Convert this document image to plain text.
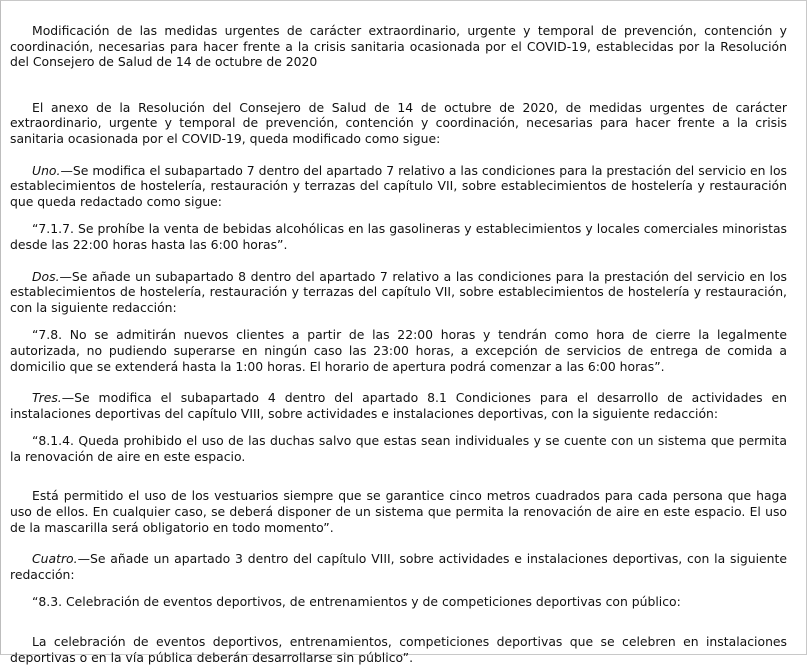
Modificación de las medidas urgentes de carácter extraordinario, urgente y temporal de prevención, contención y coordinación, necesarias para hacer frente a la crisis sanitaria ocasionada por el COVID-19, establecidas por la Resolución del Consejero de Salud de 14 de octubre de 2020

El anexo de la Resolución del Consejero de Salud de 14 de octubre de 2020, de medidas urgentes de carácter extraordinario, urgente y temporal de prevención, contención y coordinación, necesarias para hacer frente a la crisis sanitaria ocasionada por el COVID-19, queda modificado como sigue:

Uno.—Se modifica el subapartado 7 dentro del apartado 7 relativo a las condiciones para la prestación del servicio en los establecimientos de hostelería, restauración y terrazas del capítulo VII, sobre establecimientos de hostelería y restauración que queda redactado como sigue:

“7.1.7. Se prohíbe la venta de bebidas alcohólicas en las gasolineras y establecimientos y locales comerciales minoristas desde las 22:00 horas hasta las 6:00 horas”.

Dos.—Se añade un subapartado 8 dentro del apartado 7 relativo a las condiciones para la prestación del servicio en los establecimientos de hostelería, restauración y terrazas del capítulo VII, sobre establecimientos de hostelería y restauración, con la siguiente redacción:

“7.8. No se admitirán nuevos clientes a partir de las 22:00 horas y tendrán como hora de cierre la legalmente autorizada, no pudiendo superarse en ningún caso las 23:00 horas, a excepción de servicios de entrega de comida a domicilio que se extenderá hasta la 1:00 horas. El horario de apertura podrá comenzar a las 6:00 horas”.

Tres.—Se modifica el subapartado 4 dentro del apartado 8.1 Condiciones para el desarrollo de actividades en instalaciones deportivas del capítulo VIII, sobre actividades e instalaciones deportivas, con la siguiente redacción:

“8.1.4. Queda prohibido el uso de las duchas salvo que estas sean individuales y se cuente con un sistema que permita la renovación de aire en este espacio.

Está permitido el uso de los vestuarios siempre que se garantice cinco metros cuadrados para cada persona que haga uso de ellos. En cualquier caso, se deberá disponer de un sistema que permita la renovación de aire en este espacio. El uso de la mascarilla será obligatorio en todo momento”.

Cuatro.—Se añade un apartado 3 dentro del capítulo VIII, sobre actividades e instalaciones deportivas, con la siguiente redacción:

“8.3. Celebración de eventos deportivos, de entrenamientos y de competiciones deportivas con público:

La celebración de eventos deportivos, entrenamientos, competiciones deportivas que se celebren en instalaciones deportivas o en la vía pública deberán desarrollarse sin público”.
